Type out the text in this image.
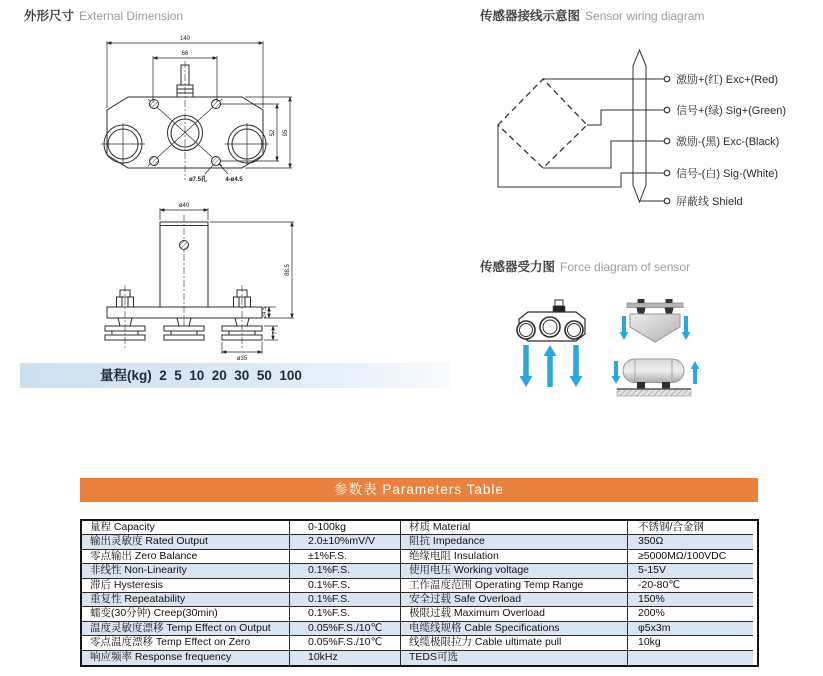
外形尺寸 External Dimension	传感器接线示意图 Sensor wiring diagram
传感器受力图 Force diagram of sensor
140
66
52 95
ø7.5孔	4-ø4.5
ø40
88.5
24.5
7
ø35
激励+(红) Exc+(Red)
信号+(绿) Sig+(Green)
激励-(黑) Exc-(Black)
信号-(白) Sig-(White)
屏蔽线 Shield
量程(kg)  2  5  10  20  30  50  100
参数表 Parameters Table
量程 Capacity	0-100kg	材质 Material	不锈钢/合金钢
输出灵敏度 Rated Output	2.0±10%mV/V	阻抗 Impedance	350Ω
零点输出 Zero Balance	±1%F.S.	绝缘电阻 Insulation	≥5000MΩ/100VDC
非线性 Non-Linearity	0.1%F.S.	使用电压 Working voltage	5-15V
滞后 Hysteresis	0.1%F.S.	工作温度范围 Operating Temp Range	-20-80℃
重复性 Repeatability	0.1%F.S.	安全过载 Safe Overload	150%
蠕变(30分钟) Creep(30min)	0.1%F.S.	极限过载 Maximum Overload	200%
温度灵敏度漂移 Temp Effect on Output	0.05%F.S./10℃	电缆线规格 Cable Specifications	φ5x3m
零点温度漂移 Temp Effect on Zero	0.05%F.S./10℃	线缆极限拉力 Cable ultimate pull	10kg
响应频率 Response frequency	10kHz	TEDS可选
